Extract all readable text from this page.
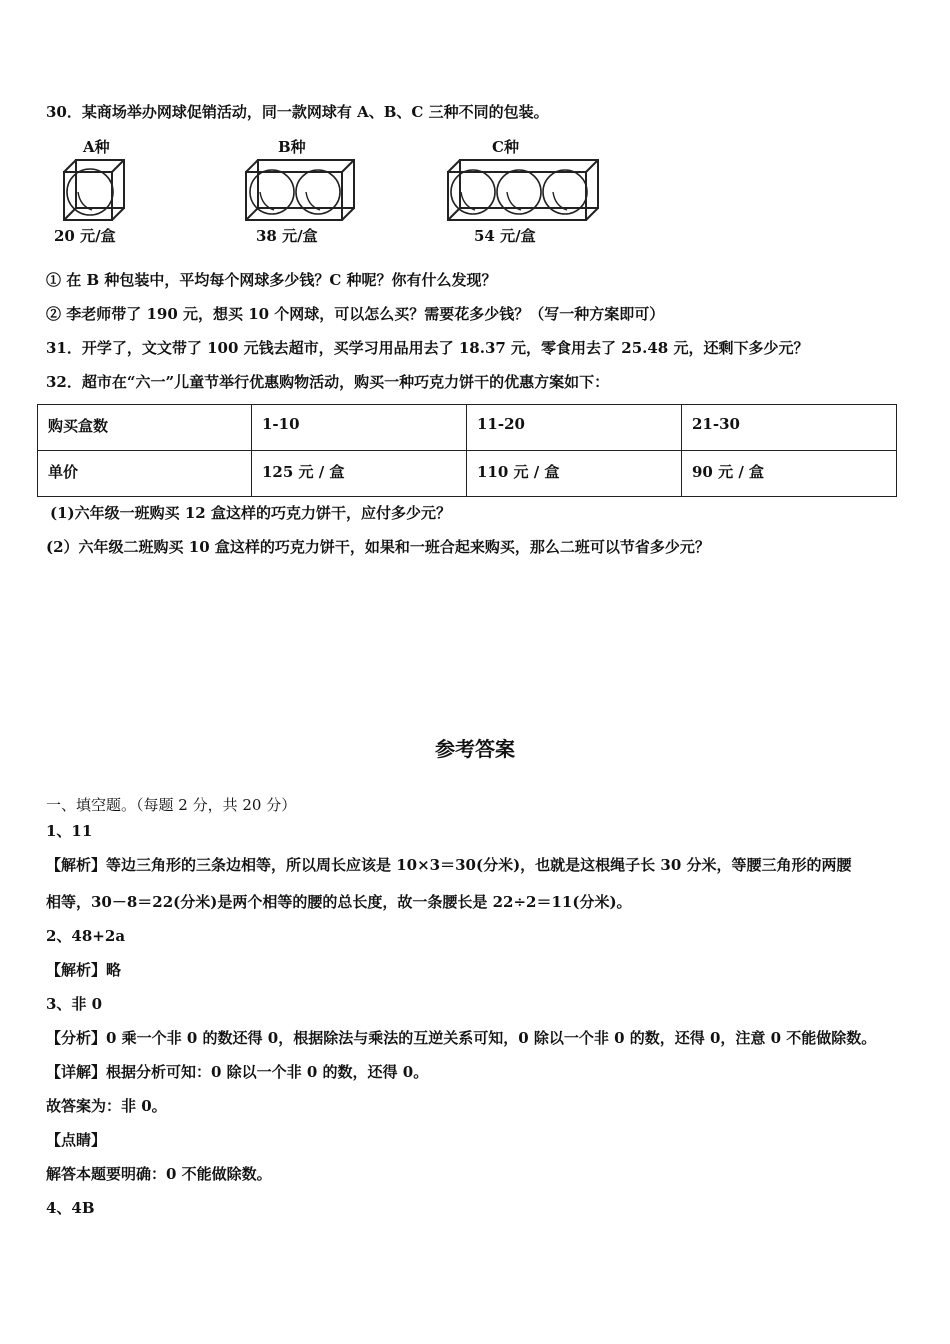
30．某商场举办网球促销活动，同一款网球有 A、B、C 三种不同的包装。
A种
20 元/盒
B种
38 元/盒
C种
54 元/盒
① 在 B 种包装中，平均每个网球多少钱？C 种呢？你有什么发现？
② 李老师带了 190 元，想买 10 个网球，可以怎么买？需要花多少钱？（写一种方案即可）
31．开学了，文文带了 100 元钱去超市，买学习用品用去了 18.37 元，零食用去了 25.48 元，还剩下多少元？
32．超市在“六一”儿童节举行优惠购物活动，购买一种巧克力饼干的优惠方案如下：
购买盒数	1-10	11-20	21-30
单价	125 元 / 盒	110 元 / 盒	90 元 / 盒
(1)六年级一班购买 12 盒这样的巧克力饼干，应付多少元？
(2）六年级二班购买 10 盒这样的巧克力饼干，如果和一班合起来购买，那么二班可以节省多少元？
参考答案
一、填空题。（每题 2 分，共 20 分）
1、11
【解析】等边三角形的三条边相等，所以周长应该是 10×3＝30(分米)，也就是这根绳子长 30 分米，等腰三角形的两腰
相等，30－8＝22(分米)是两个相等的腰的总长度，故一条腰长是 22÷2＝11(分米)。
2、48+2a
【解析】略
3、非 0
【分析】0 乘一个非 0 的数还得 0，根据除法与乘法的互逆关系可知，0 除以一个非 0 的数，还得 0，注意 0 不能做除数。
【详解】根据分析可知：0 除以一个非 0 的数，还得 0。
故答案为：非 0。
【点睛】
解答本题要明确：0 不能做除数。
4、4B
